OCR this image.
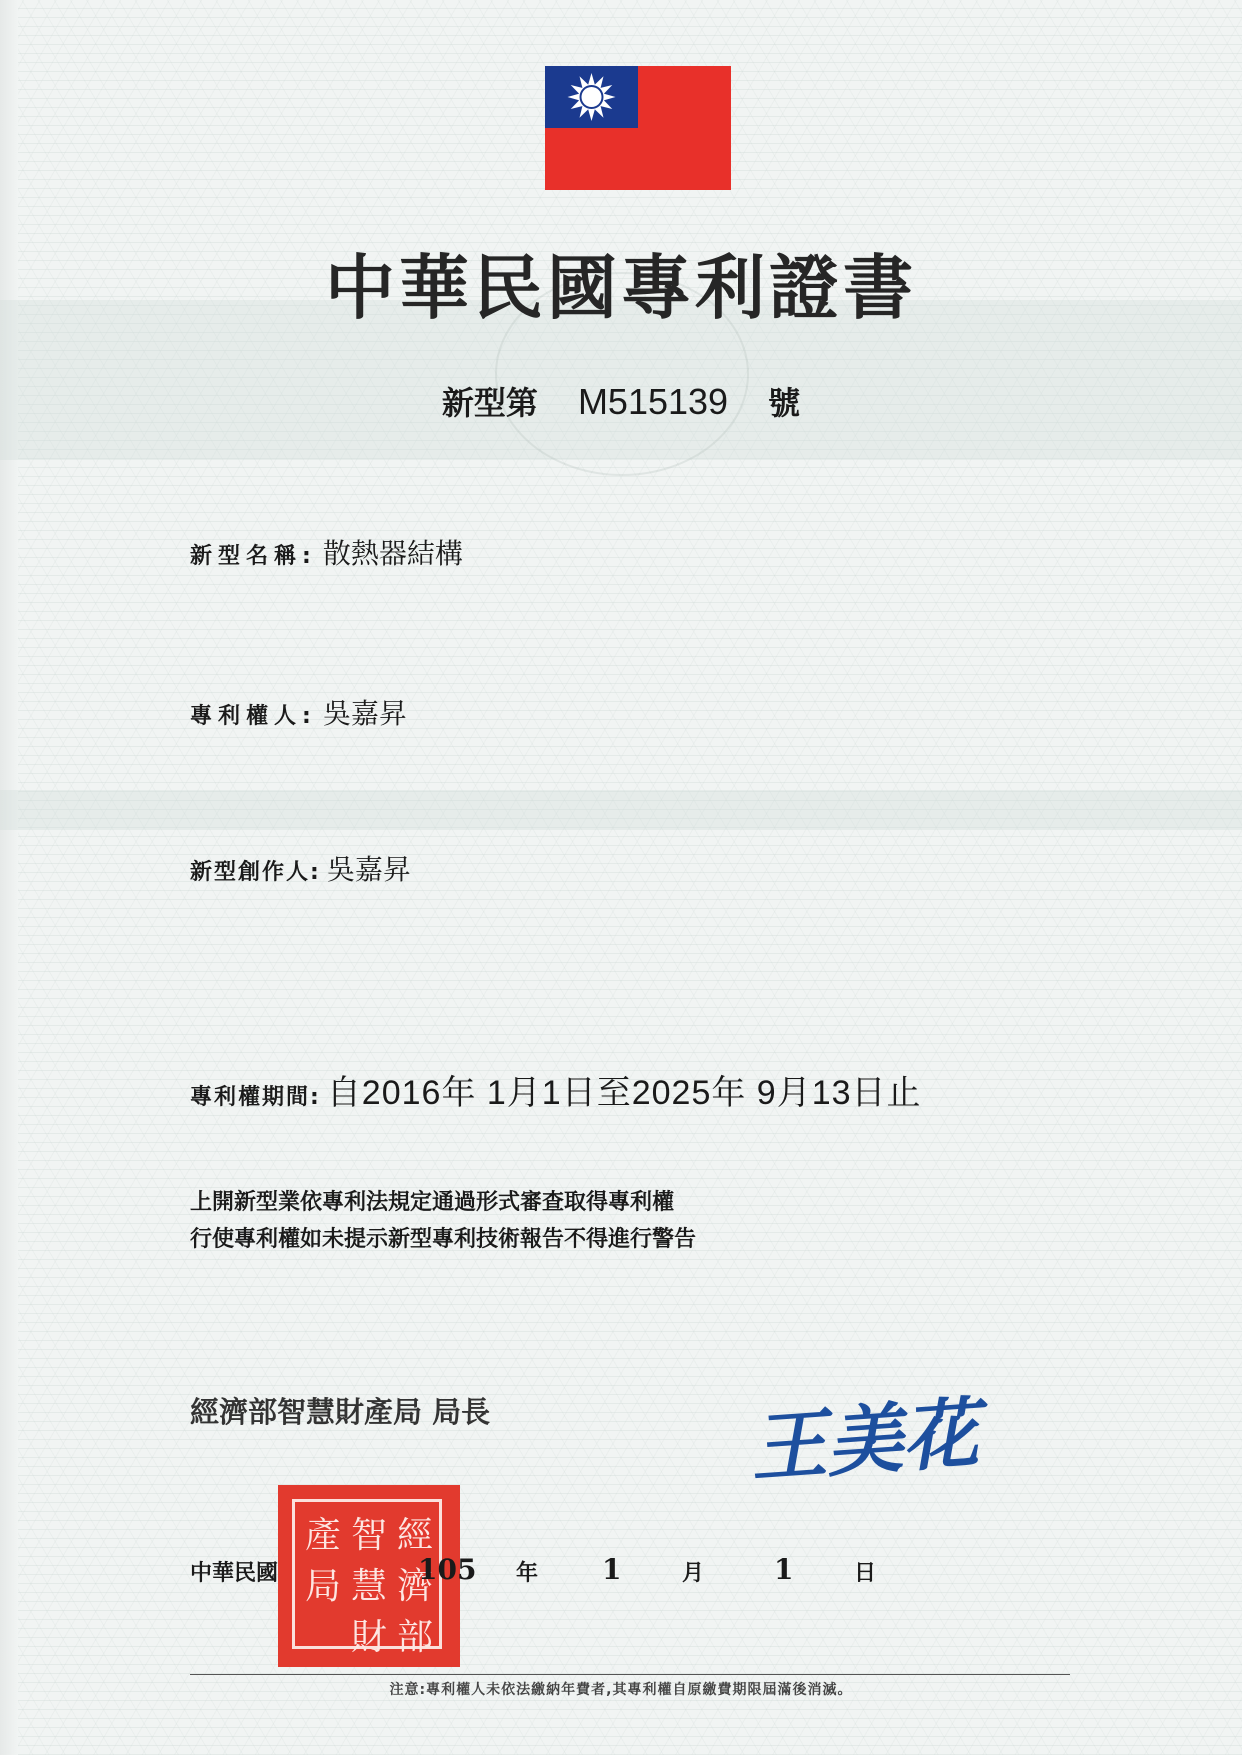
中華民國專利證書
新型第 M515139 號
新型名稱: 散熱器結構
專利權人: 吳嘉昇
新型創作人: 吳嘉昇
專利權期間: 自2016年 1月1日至2025年 9月13日止
上開新型業依專利法規定通過形式審查取得專利權
行使專利權如未提示新型專利技術報告不得進行警告
經濟部智慧財產局 局長	王美花
產 智 經
局 慧 濟
財 部
中華民國	105 年 1	月 1	日
注意:專利權人未依法繳納年費者,其專利權自原繳費期限屆滿後消滅。
